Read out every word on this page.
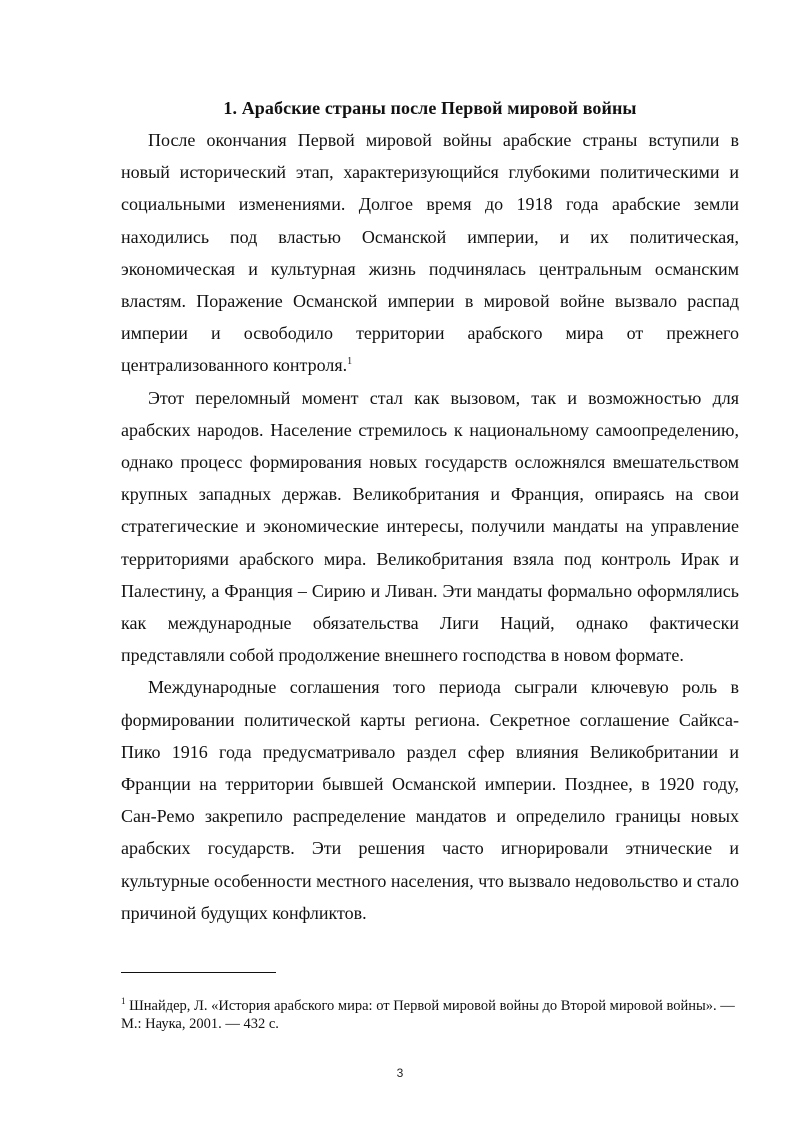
1. Арабские страны после Первой мировой войны

После окончания Первой мировой войны арабские страны вступили в новый исторический этап, характеризующийся глубокими политическими и социальными изменениями. Долгое время до 1918 года арабские земли находились под властью Османской империи, и их политическая, экономическая и культурная жизнь подчинялась центральным османским властям. Поражение Османской империи в мировой войне вызвало распад империи и освободило территории арабского мира от прежнего централизованного контроля.$^1$

Этот переломный момент стал как вызовом, так и возможностью для арабских народов. Население стремилось к национальному самоопределению, однако процесс формирования новых государств осложнялся вмешательством крупных западных держав. Великобритания и Франция, опираясь на свои стратегические и экономические интересы, получили мандаты на управление территориями арабского мира. Великобритания взяла под контроль Ирак и Палестину, а Франция – Сирию и Ливан. Эти мандаты формально оформлялись как международные обязательства Лиги Наций, однако фактически представляли собой продолжение внешнего господства в новом формате.

Международные соглашения того периода сыграли ключевую роль в формировании политической карты региона. Секретное соглашение Сайкса-Пико 1916 года предусматривало раздел сфер влияния Великобритании и Франции на территории бывшей Османской империи. Позднее, в 1920 году, Сан-Ремо закрепило распределение мандатов и определило границы новых арабских государств. Эти решения часто игнорировали этнические и культурные особенности местного населения, что вызвало недовольство и стало причиной будущих конфликтов.

$^1$ Шнайдер, Л. «История арабского мира: от Первой мировой войны до Второй мировой войны». — М.: Наука, 2001. — 432 с.

3
